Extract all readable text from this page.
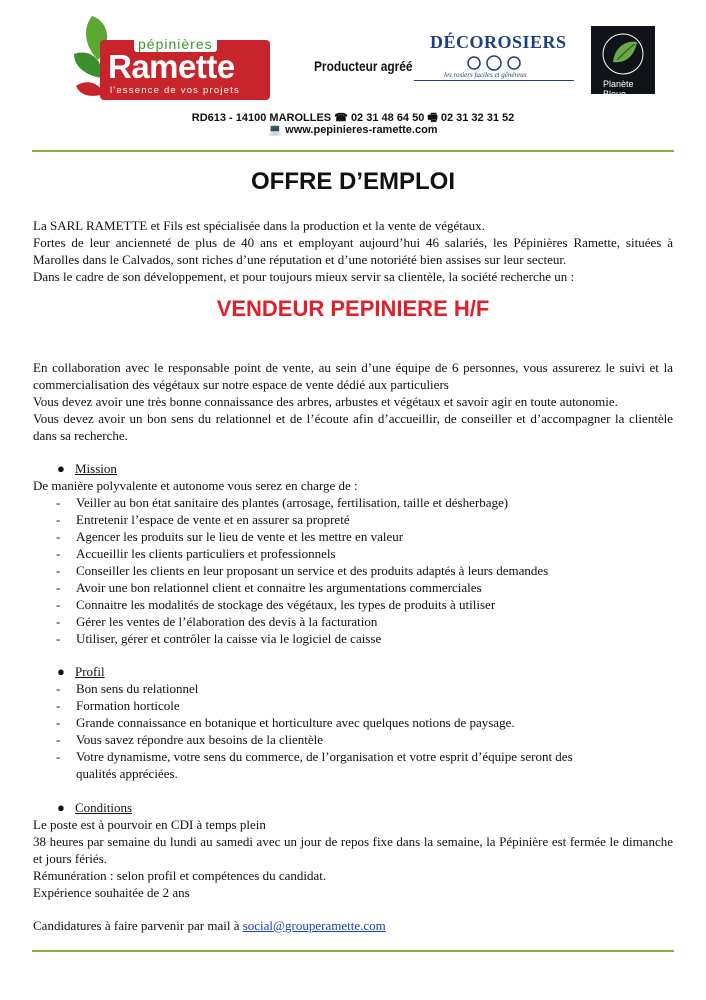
pépinières
Ramette
l'essence de vos projets
Producteur agréé
DÉCOROSIERS
les rosiers faciles et généreux
Planète Bleue
RD613 - 14100 MAROLLES ☎ 02 31 48 64 50 🖷 02 31 32 31 52
💻 www.pepinieres-ramette.com
OFFRE D’EMPLOI

La SARL RAMETTE et Fils est spécialisée dans la production et la vente de végétaux.

Fortes de leur ancienneté de plus de 40 ans et employant aujourd’hui 46 salariés, les Pépinières Ramette, situées à Marolles dans le Calvados, sont riches d’une réputation et d’une notoriété bien assises sur leur secteur.

Dans le cadre de son développement, et pour toujours mieux servir sa clientèle, la société recherche un :

VENDEUR PEPINIERE H/F

En collaboration avec le responsable point de vente, au sein d’une équipe de 6 personnes, vous assurerez le suivi et la commercialisation des végétaux sur notre espace de vente dédié aux particuliers

Vous devez avoir une très bonne connaissance des arbres, arbustes et végétaux et savoir agir en toute autonomie.

Vous devez avoir un bon sens du relationnel et de l’écoute afin d’accueillir, de conseiller et d’accompagner la clientèle dans sa recherche.

● Mission
De manière polyvalente et autonome vous serez en charge de :
- Veiller au bon état sanitaire des plantes (arrosage, fertilisation, taille et désherbage)
- Entretenir l’espace de vente et en assurer sa propreté
- Agencer les produits sur le lieu de vente et les mettre en valeur
- Accueillir les clients particuliers et professionnels
- Conseiller les clients en leur proposant un service et des produits adaptés à leurs demandes
- Avoir une bon relationnel client et connaitre les argumentations commerciales
- Connaitre les modalités de stockage des végétaux, les types de produits à utiliser
- Gérer les ventes de l’élaboration des devis à la facturation
- Utiliser, gérer et contrôler la caisse via le logiciel de caisse
● Profil
- Bon sens du relationnel
- Formation horticole
- Grande connaissance en botanique et horticulture avec quelques notions de paysage.
- Vous savez répondre aux besoins de la clientèle
- Votre dynamisme, votre sens du commerce, de l’organisation et votre esprit d’équipe seront des qualités appréciées.
● Conditions

Le poste est à pourvoir en CDI à temps plein

38 heures par semaine du lundi au samedi avec un jour de repos fixe dans la semaine, la Pépinière est fermée le dimanche et jours fériés.

Rémunération : selon profil et compétences du candidat.

Expérience souhaitée de 2 ans

Candidatures à faire parvenir par mail à social@grouperamette.com
